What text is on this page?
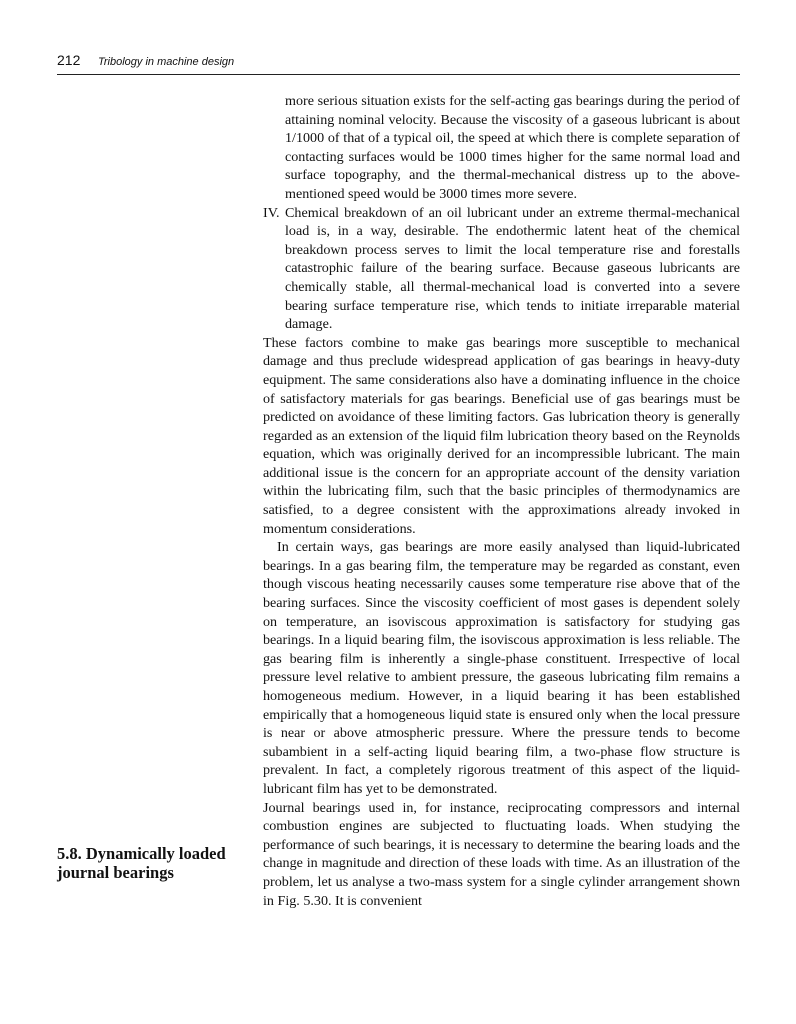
212 Tribology in machine design
5.8. Dynamically loaded journal bearings

more serious situation exists for the self-acting gas bearings during the period of attaining nominal velocity. Because the viscosity of a gaseous lubricant is about 1/1000 of that of a typical oil, the speed at which there is complete separation of contacting surfaces would be 1000 times higher for the same normal load and surface topography, and the thermal-mechanical distress up to the above-mentioned speed would be 3000 times more severe.

IV. Chemical breakdown of an oil lubricant under an extreme thermal-mechanical load is, in a way, desirable. The endothermic latent heat of the chemical breakdown process serves to limit the local temperature rise and forestalls catastrophic failure of the bearing surface. Because gaseous lubricants are chemically stable, all thermal-mechanical load is converted into a severe bearing surface temperature rise, which tends to initiate irreparable material damage.

These factors combine to make gas bearings more susceptible to mechanical damage and thus preclude widespread application of gas bearings in heavy-duty equipment. The same considerations also have a dominating influence in the choice of satisfactory materials for gas bearings. Beneficial use of gas bearings must be predicted on avoidance of these limiting factors. Gas lubrication theory is generally regarded as an extension of the liquid film lubrication theory based on the Reynolds equation, which was originally derived for an incompressible lubricant. The main additional issue is the concern for an appropriate account of the density variation within the lubricating film, such that the basic principles of thermodynamics are satisfied, to a degree consistent with the approximations already invoked in momentum considerations.

In certain ways, gas bearings are more easily analysed than liquid-lubricated bearings. In a gas bearing film, the temperature may be regarded as constant, even though viscous heating necessarily causes some temperature rise above that of the bearing surfaces. Since the viscosity coefficient of most gases is dependent solely on temperature, an isoviscous approximation is satisfactory for studying gas bearings. In a liquid bearing film, the isoviscous approximation is less reliable. The gas bearing film is inherently a single-phase constituent. Irrespective of local pressure level relative to ambient pressure, the gaseous lubricating film remains a homogeneous medium. However, in a liquid bearing it has been established empirically that a homogeneous liquid state is ensured only when the local pressure is near or above atmospheric pressure. Where the pressure tends to become subambient in a self-acting liquid bearing film, a two-phase flow structure is prevalent. In fact, a completely rigorous treatment of this aspect of the liquid-lubricant film has yet to be demonstrated.

Journal bearings used in, for instance, reciprocating compressors and internal combustion engines are subjected to fluctuating loads. When studying the performance of such bearings, it is necessary to determine the bearing loads and the change in magnitude and direction of these loads with time. As an illustration of the problem, let us analyse a two-mass system for a single cylinder arrangement shown in Fig. 5.30. It is convenient
